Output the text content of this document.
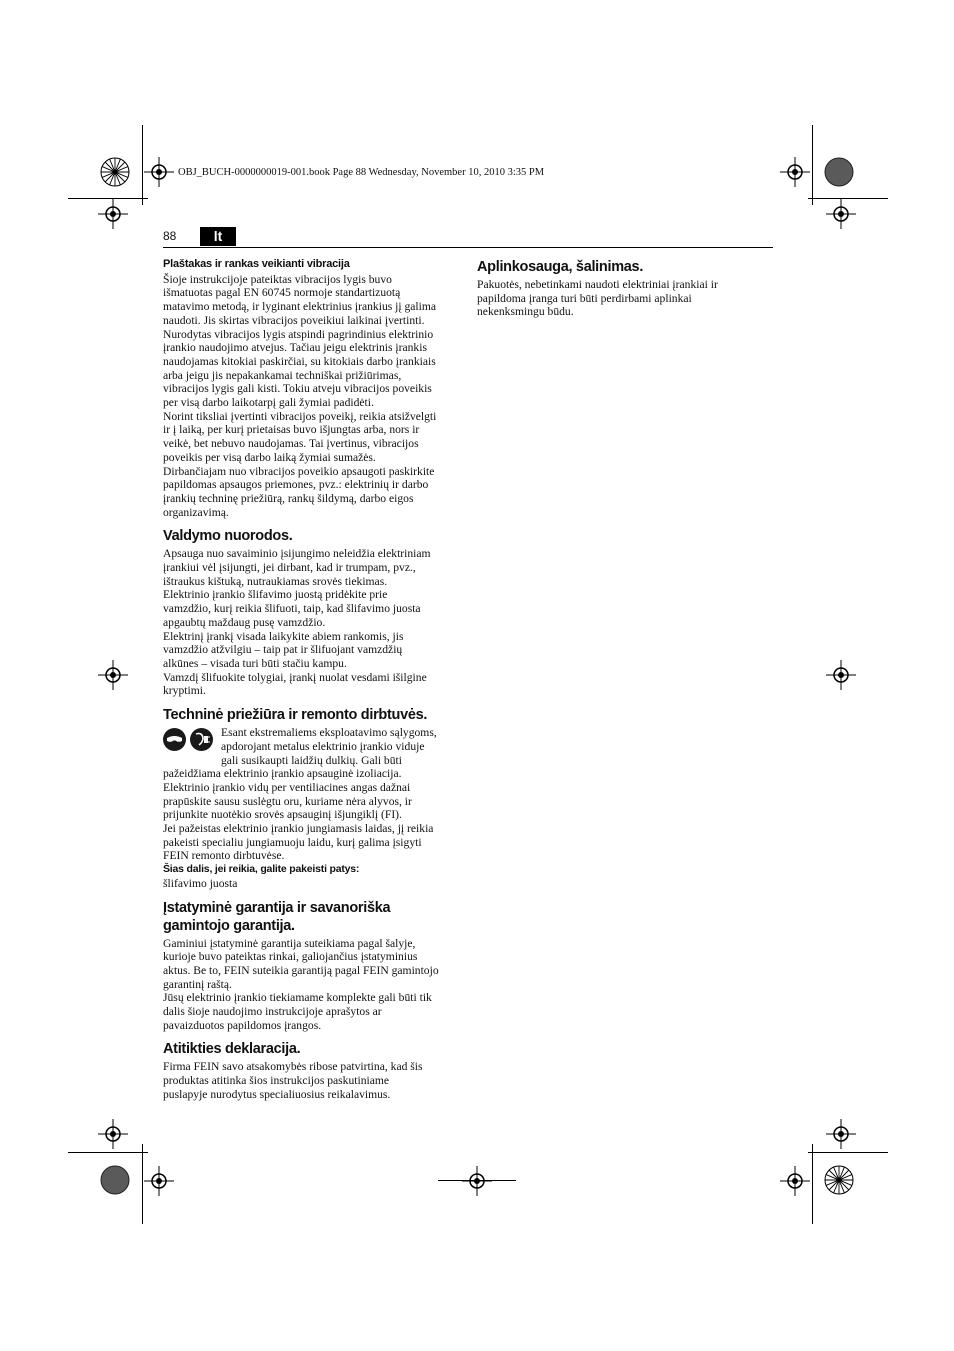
OBJ_BUCH-0000000019-001.book Page 88 Wednesday, November 10, 2010 3:35 PM
88	lt
Plaštakas ir rankas veikianti vibracija

Šioje instrukcijoje pateiktas vibracijos lygis buvo
išmatuotas pagal EN 60745 normoje standartizuotą
matavimo metodą, ir lyginant elektrinius įrankius jį galima
naudoti. Jis skirtas vibracijos poveikiui laikinai įvertinti.
Nurodytas vibracijos lygis atspindi pagrindinius elektrinio
įrankio naudojimo atvejus. Tačiau jeigu elektrinis įrankis
naudojamas kitokiai paskirčiai, su kitokiais darbo įrankiais
arba jeigu jis nepakankamai techniškai prižiūrimas,
vibracijos lygis gali kisti. Tokiu atveju vibracijos poveikis
per visą darbo laikotarpį gali žymiai padidėti.
Norint tiksliai įvertinti vibracijos poveikį, reikia atsižvelgti
ir į laiką, per kurį prietaisas buvo išjungtas arba, nors ir
veikė, bet nebuvo naudojamas. Tai įvertinus, vibracijos
poveikis per visą darbo laiką žymiai sumažės.
Dirbančiajam nuo vibracijos poveikio apsaugoti paskirkite
papildomas apsaugos priemones, pvz.: elektrinių ir darbo
įrankių techninę priežiūrą, rankų šildymą, darbo eigos
organizavimą.

Valdymo nuorodos.

Apsauga nuo savaiminio įsijungimo neleidžia elektriniam
įrankiui vėl įsijungti, jei dirbant, kad ir trumpam, pvz.,
ištraukus kištuką, nutraukiamas srovės tiekimas.
Elektrinio įrankio šlifavimo juostą pridėkite prie
vamzdžio, kurį reikia šlifuoti, taip, kad šlifavimo juosta
apgaubtų maždaug pusę vamzdžio.
Elektrinį įrankį visada laikykite abiem rankomis, jis
vamzdžio atžvilgiu – taip pat ir šlifuojant vamzdžių
alkūnes – visada turi būti stačiu kampu.
Vamzdį šlifuokite tolygiai, įrankį nuolat vesdami išilgine
kryptimi.

Techninė priežiūra ir remonto dirbtuvės.

Esant ekstremaliems eksploatavimo sąlygoms,
apdorojant metalus elektrinio įrankio viduje
gali susikaupti laidžių dulkių. Gali būti

pažeidžiama elektrinio įrankio apsauginė izoliacija.
Elektrinio įrankio vidų per ventiliacines angas dažnai
prapūskite sausu suslėgtu oru, kuriame nėra alyvos, ir
prijunkite nuotėkio srovės apsauginį išjungiklį (FI).
Jei pažeistas elektrinio įrankio jungiamasis laidas, jį reikia
pakeisti specialiu jungiamuoju laidu, kurį galima įsigyti
FEIN remonto dirbtuvėse.

Šias dalis, jei reikia, galite pakeisti patys:

šlifavimo juosta

Įstatyminė garantija ir savanoriška
gamintojo garantija.

Gaminiui įstatyminė garantija suteikiama pagal šalyje,
kurioje buvo pateiktas rinkai, galiojančius įstatyminius
aktus. Be to, FEIN suteikia garantiją pagal FEIN gamintojo
garantinį raštą.
Jūsų elektrinio įrankio tiekiamame komplekte gali būti tik
dalis šioje naudojimo instrukcijoje aprašytos ar
pavaizduotos papildomos įrangos.

Atitikties deklaracija.

Firma FEIN savo atsakomybės ribose patvirtina, kad šis
produktas atitinka šios instrukcijos paskutiniame
puslapyje nurodytus specialiuosius reikalavimus.

Aplinkosauga, šalinimas.

Pakuotės, nebetinkami naudoti elektriniai įrankiai ir
papildoma įranga turi būti perdirbami aplinkai
nekenksmingu būdu.
